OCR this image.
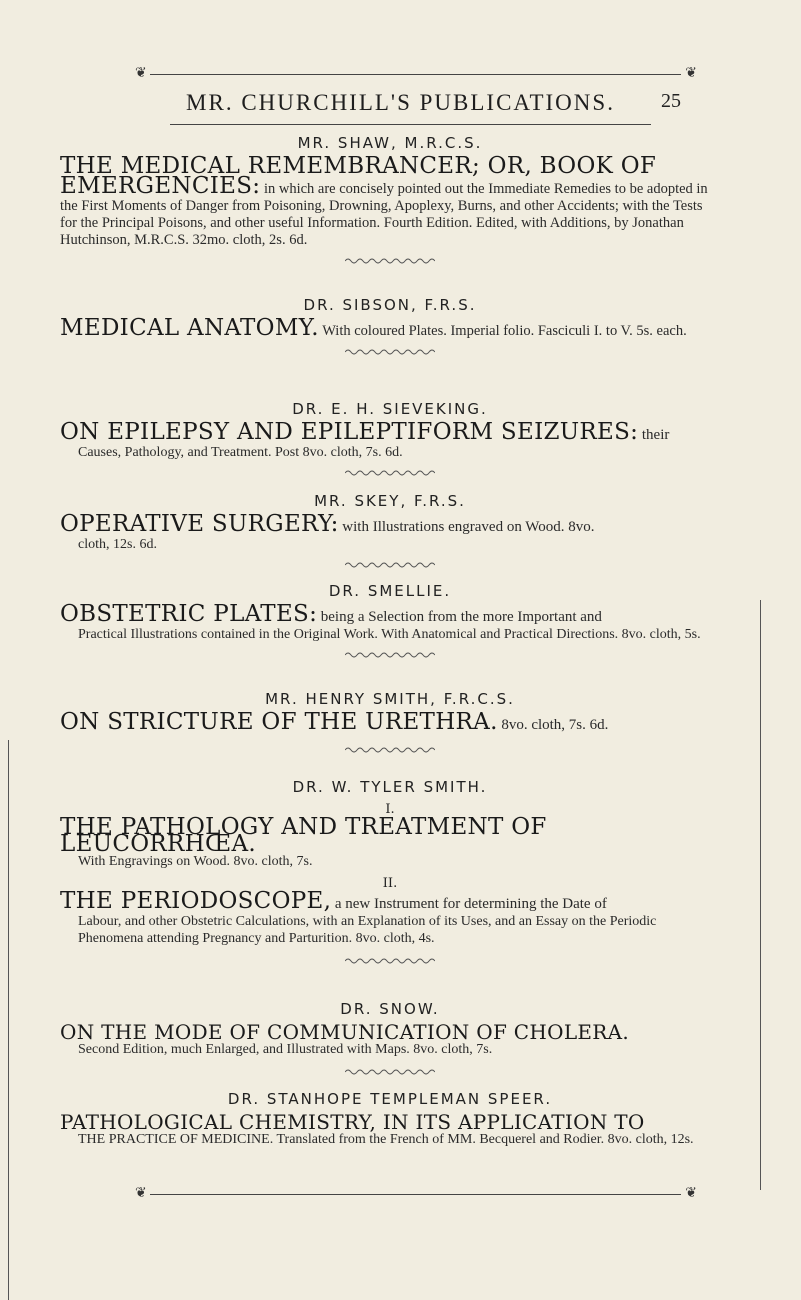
❦	❦
MR. CHURCHILL'S PUBLICATIONS.	25
MR. SHAW, M.R.C.S.
THE MEDICAL REMEMBRANCER; OR, BOOK OF EMERGENCIES: in which are concisely pointed out the Immediate Remedies to be adopted in the First Moments of Danger from Poisoning, Drowning, Apoplexy, Burns, and other Accidents; with the Tests for the Principal Poisons, and other useful Information. Fourth Edition. Edited, with Additions, by Jonathan Hutchinson, M.R.C.S. 32mo. cloth, 2s. 6d.
DR. SIBSON, F.R.S.
MEDICAL ANATOMY. With coloured Plates. Imperial folio. Fasciculi I. to V. 5s. each.
DR. E. H. SIEVEKING.
ON EPILEPSY AND EPILEPTIFORM SEIZURES: their
Causes, Pathology, and Treatment. Post 8vo. cloth, 7s. 6d.
MR. SKEY, F.R.S.
OPERATIVE SURGERY: with Illustrations engraved on Wood. 8vo.
cloth, 12s. 6d.
DR. SMELLIE.
OBSTETRIC PLATES: being a Selection from the more Important and
Practical Illustrations contained in the Original Work. With Anatomical and Practical Directions. 8vo. cloth, 5s.
MR. HENRY SMITH, F.R.C.S.
ON STRICTURE OF THE URETHRA. 8vo. cloth, 7s. 6d.
DR. W. TYLER SMITH.
I.
THE PATHOLOGY AND TREATMENT OF LEUCORRHŒA.
With Engravings on Wood. 8vo. cloth, 7s.
II.
THE PERIODOSCOPE, a new Instrument for determining the Date of
Labour, and other Obstetric Calculations, with an Explanation of its Uses, and an Essay on the Periodic Phenomena attending Pregnancy and Parturition. 8vo. cloth, 4s.
DR. SNOW.
ON THE MODE OF COMMUNICATION OF CHOLERA.
Second Edition, much Enlarged, and Illustrated with Maps. 8vo. cloth, 7s.
DR. STANHOPE TEMPLEMAN SPEER.
PATHOLOGICAL CHEMISTRY, IN ITS APPLICATION TO
THE PRACTICE OF MEDICINE. Translated from the French of MM. Becquerel and Rodier. 8vo. cloth, 12s.
❦	❦
